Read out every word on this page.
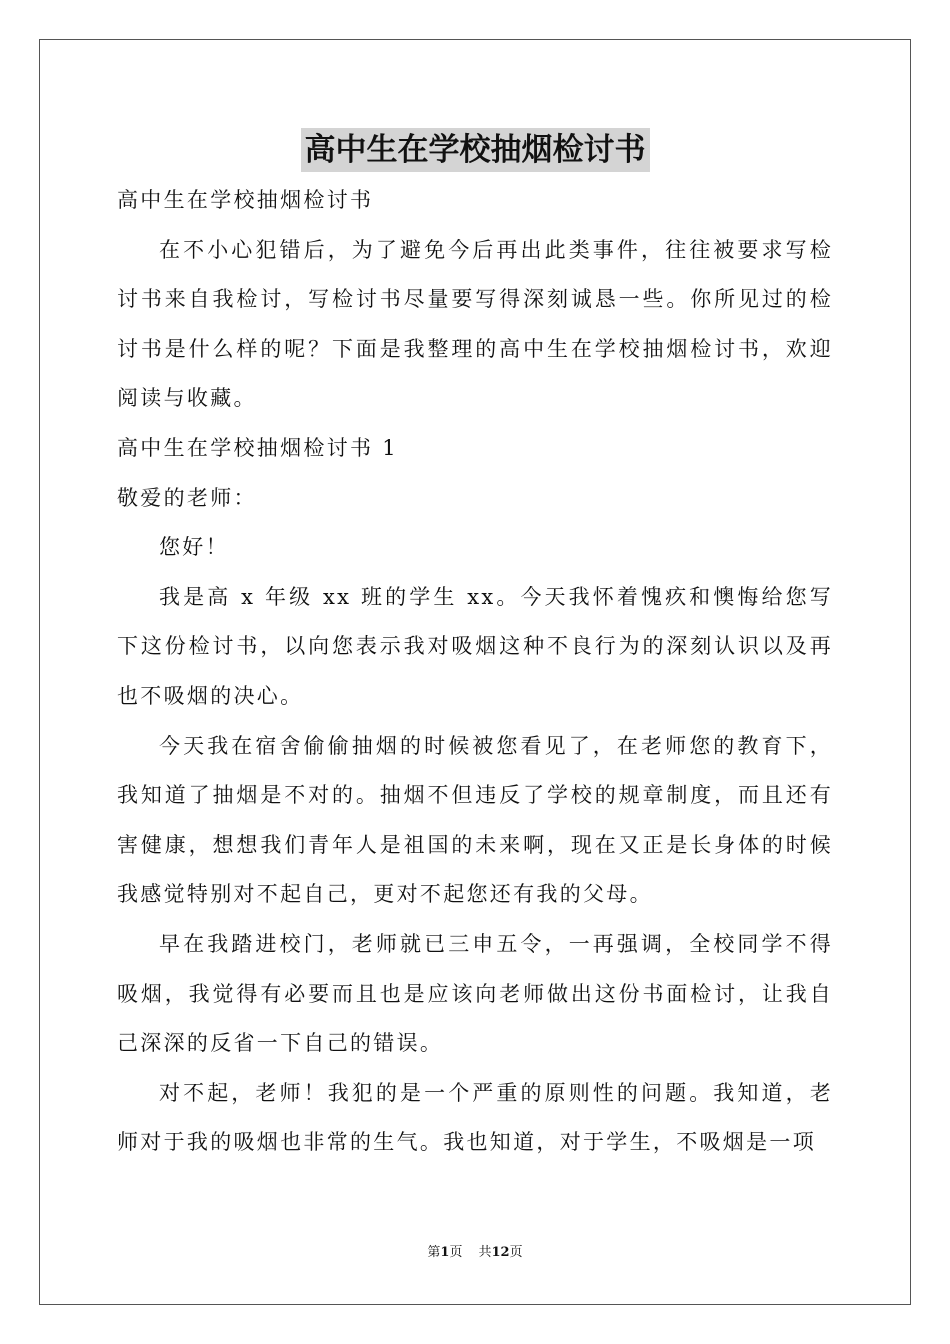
高中生在学校抽烟检讨书

高中生在学校抽烟检讨书

在不小心犯错后，为了避免今后再出此类事件，往往被要求写检讨书来自我检讨，写检讨书尽量要写得深刻诚恳一些。你所见过的检讨书是什么样的呢？下面是我整理的高中生在学校抽烟检讨书，欢迎阅读与收藏。

高中生在学校抽烟检讨书 1

敬爱的老师：

您好！

我是高 x 年级 xx 班的学生 xx。今天我怀着愧疚和懊悔给您写下这份检讨书，以向您表示我对吸烟这种不良行为的深刻认识以及再也不吸烟的决心。

今天我在宿舍偷偷抽烟的时候被您看见了，在老师您的教育下，我知道了抽烟是不对的。抽烟不但违反了学校的规章制度，而且还有害健康，想想我们青年人是祖国的未来啊，现在又正是长身体的时候我感觉特别对不起自己，更对不起您还有我的父母。

早在我踏进校门，老师就已三申五令，一再强调，全校同学不得吸烟，我觉得有必要而且也是应该向老师做出这份书面检讨，让我自己深深的反省一下自己的错误。

对不起，老师！我犯的是一个严重的原则性的问题。我知道，老师对于我的吸烟也非常的生气。我也知道，对于学生，不吸烟是一项

第1页 共12页
